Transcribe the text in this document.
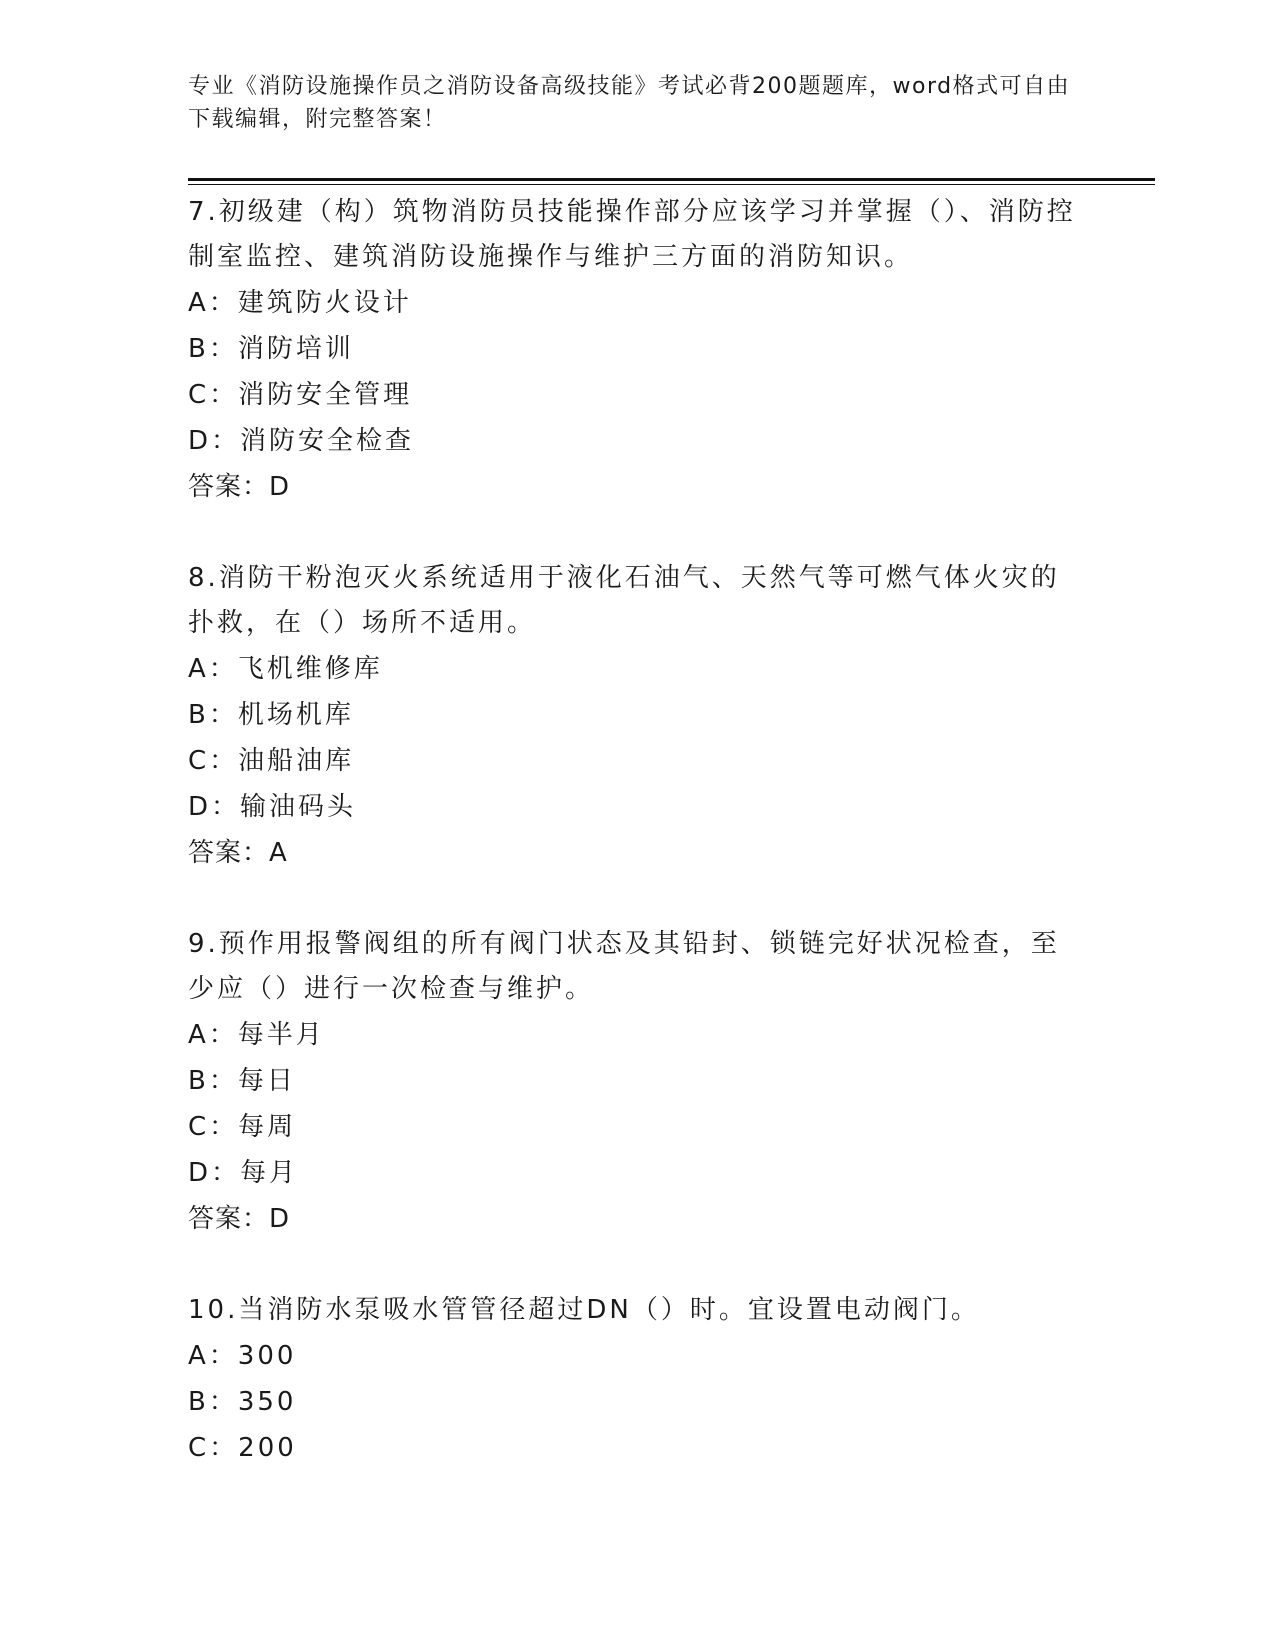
专业《消防设施操作员之消防设备高级技能》考试必背200题题库，word格式可自由下载编辑，附完整答案！
7.初级建（构）筑物消防员技能操作部分应该学习并掌握（）、消防控制室监控、建筑消防设施操作与维护三方面的消防知识。
A：建筑防火设计
B：消防培训
C：消防安全管理
D：消防安全检查
答案：D
8.消防干粉泡灭火系统适用于液化石油气、天然气等可燃气体火灾的扑救，在（）场所不适用。
A：飞机维修库
B：机场机库
C：油船油库
D：输油码头
答案：A
9.预作用报警阀组的所有阀门状态及其铅封、锁链完好状况检查，至少应（）进行一次检查与维护。
A：每半月
B：每日
C：每周
D：每月
答案：D
10.当消防水泵吸水管管径超过DN（）时。宜设置电动阀门。
A：300
B：350
C：200
